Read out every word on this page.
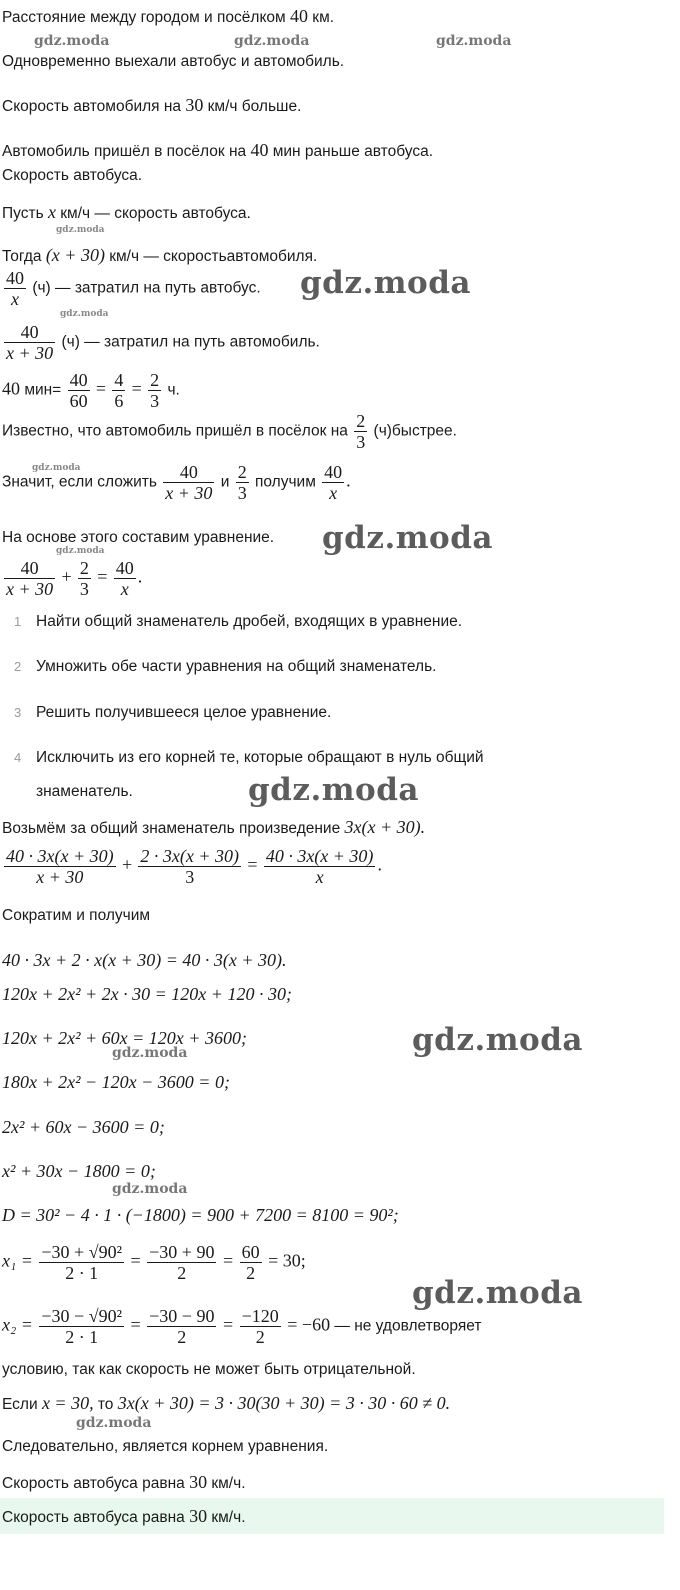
Расстояние между городом и посёлком 40 км.
gdz.moda	gdz.moda	gdz.moda
Одновременно выехали автобус и автомобиль.
Скорость автомобиля на 30 км/ч больше.
Автомобиль пришёл в посёлок на 40 мин раньше автобуса.
Скорость автобуса.
Пусть x км/ч — скорость автобуса.
gdz.moda
Тогда (x + 30) км/ч — скоростьавтомобиля.
gdz.moda
$\frac{40}{x} (ч)$ — затратил на путь автобус.
gdz.moda
$\frac{40}{x + 30} (ч)$ — затратил на путь автомобиль.
40 $мин= \frac{40}{60} = \frac{4}{6} = \frac{2}{3} ч$.
Известно, что автомобиль пришёл в посёлок на $\frac{2}{3}$ (ч)быстрее.
gdz.moda
Значит, если сложить $\frac{40}{x + 30}$ и $\frac{2}{3}$ получим $\frac{40}{x}$ .
На основе этого составим уравнение. gdz.moda
gdz.moda
$\frac{40}{x + 30} + \frac{2}{3} = \frac{40}{x}$ .
1 Найти общий знаменатель дробей, входящих в уравнение.
2 Умножить обе части уравнения на общий знаменатель.
3 Решить получившееся целое уравнение.
4 Исключить из его корней те, которые обращают в нуль общий
знаменатель.	gdz.moda
Возьмём за общий знаменатель произведение 3x(x + 30).
$\frac{40 \cdot 3x(x + 30)}{x + 30} + \frac{2 \cdot 3x(x + 30)}{3} = \frac{40 \cdot 3x(x + 30)}{x}$ .
Сократим и получим
40 · 3x + 2 · x(x + 30) = 40 · 3(x + 30).
120x + 2x² + 2x · 30 = 120x + 120 · 30;
120x + 2x² + 60x = 120x + 3600;	gdz.moda
gdz.moda
180x + 2x² − 120x − 3600 = 0;
2x² + 60x − 3600 = 0;
x² + 30x − 1800 = 0;
gdz.moda
D = 30² − 4 · 1 · (−1800) = 900 + 7200 = 8100 = 90²;
$x_1 = \frac{\text{−30 + √90²}}{2 \cdot 1} = \frac{-30 + 90}{2} = \frac{60}{2} = 30$;
gdz.moda
$x_2 = \frac{\text{−30 − √90²}}{2 \cdot 1} = \frac{-30 - 90}{2} = \frac{-120}{2} = -60$ — не удовлетворяет
условию, так как скорость не может быть отрицательной.
Если x = 30, то 3x(x + 30) = 3 · 30(30 + 30) = 3 · 30 · 60 ≠ 0.
gdz.moda
Следовательно, является корнем уравнения.
Скорость автобуса равна 30 км/ч.
Скорость автобуса равна 30 км/ч.
